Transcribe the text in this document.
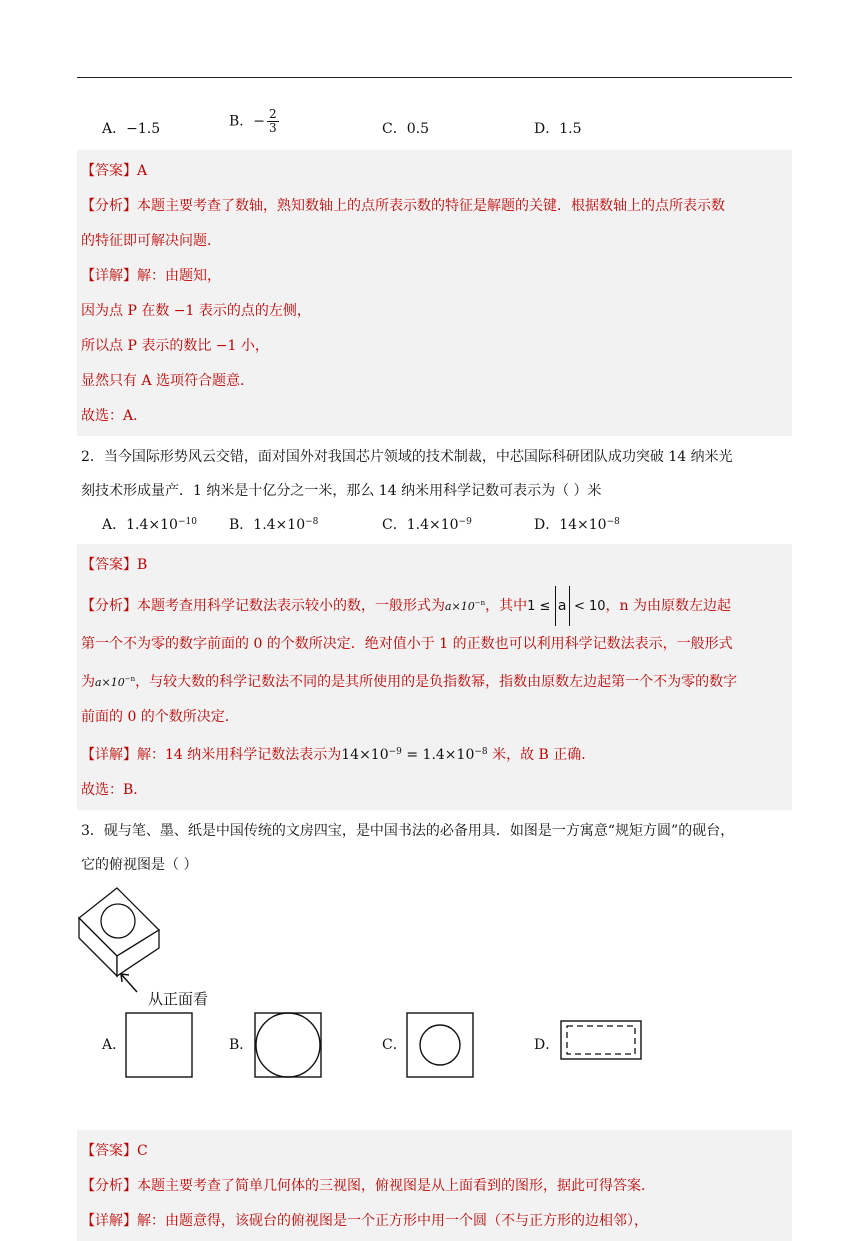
A．−1.5	B．− $\frac{2}{3}$	C．0.5	D．1.5
【答案】A
【分析】本题主要考查了数轴，熟知数轴上的点所表示数的特征是解题的关键．根据数轴上的点所表示数
的特征即可解决问题．
【详解】解：由题知，
因为点 P 在数 −1 表示的点的左侧，
所以点 P 表示的数比 −1 小，
显然只有 A 选项符合题意．
故选：A．
2．当今国际形势风云交错，面对国外对我国芯片领域的技术制裁，中芯国际科研团队成功突破 14 纳米光
刻技术形成量产．1 纳米是十亿分之一米，那么 14 纳米用科学记数可表示为（ ）米
A．$1.4\times 10^{-10}$ B．$1.4\times 10^{-8}$	C．$1.4\times 10^{-9}$	D．$14\times 10^{-8}$
【答案】B
【分析】本题考查用科学记数法表示较小的数，一般形式为$a\times 10^{-n}$，其中1 ≤ a < 10，n 为由原数左边起
第一个不为零的数字前面的 0 的个数所决定．绝对值小于 1 的正数也可以利用科学记数法表示，一般形式
为$a\times 10^{-n}$，与较大数的科学记数法不同的是其所使用的是负指数幂，指数由原数左边起第一个不为零的数字
前面的 0 的个数所决定．
【详解】解：14 纳米用科学记数法表示为$14\times 10^{-9} = 1.4\times 10^{-8}$ 米，故 B 正确．
故选：B．
3．砚与笔、墨、纸是中国传统的文房四宝，是中国书法的必备用具．如图是一方寓意“规矩方圆”的砚台，
它的俯视图是（ ）
从正面看
A．	B．	C．	D．
【答案】C
【分析】本题主要考查了简单几何体的三视图，俯视图是从上面看到的图形，据此可得答案．
【详解】解：由题意得，该砚台的俯视图是一个正方形中用一个圆（不与正方形的边相邻），
